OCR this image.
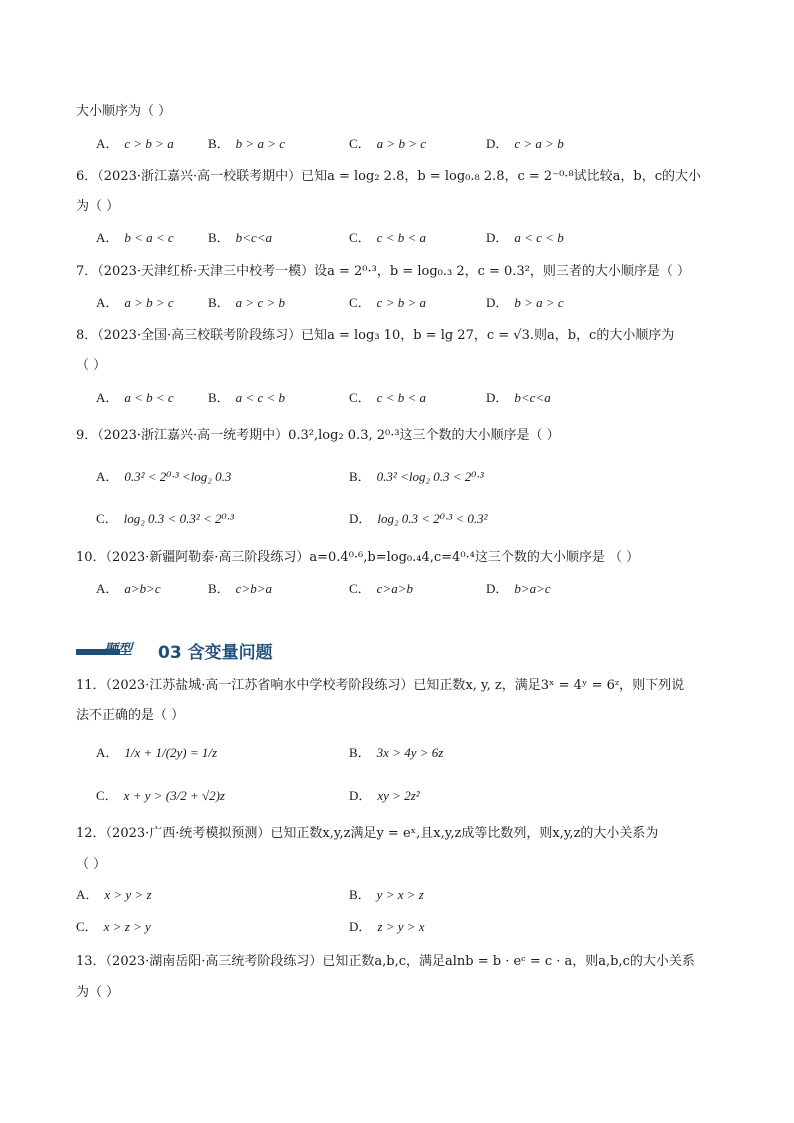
大小顺序为（ ）
A． c > b > a	B． b > a > c	C． a > b > c	D． c > a > b
6．（2023·浙江嘉兴·高一校联考期中）已知a = log₂ 2.8，b = log₀.₈ 2.8，c = 2⁻⁰·⁸试比较a，b，c的大小
为（ ）
A． b < a < c	B． b<c<a	C． c < b < a	D． a < c < b
7．（2023·天津红桥·天津三中校考一模）设a = 2⁰·³，b = log₀.₃ 2，c = 0.3²，则三者的大小顺序是（ ）
A． a > b > c	B． a > c > b	C． c > b > a	D． b > a > c
8．（2023·全国·高三校联考阶段练习）已知a = log₃ 10，b = lg 27，c = √3.则a，b，c的大小顺序为
（ ）
A． a < b < c	B． a < c < b	C． c < b < a	D． b<c<a
9．（2023·浙江嘉兴·高一统考期中）0.3²,log₂ 0.3, 2⁰·³这三个数的大小顺序是（ ）
A． 0.3² < 2⁰·³ <log₂ 0.3	B． 0.3² <log₂ 0.3 < 2⁰·³
C． log₂ 0.3 < 0.3² < 2⁰·³	D． log₂ 0.3 < 2⁰·³ < 0.3²
10．（2023·新疆阿勒泰·高三阶段练习）a=0.4⁰·⁶,b=log₀.₄4,c=4⁰·⁴这三个数的大小顺序是 （ ）
A． a>b>c	B． c>b>a	C． c>a>b	D． b>a>c
题型 03 含变量问题
11．（2023·江苏盐城·高一江苏省响水中学校考阶段练习）已知正数x, y, z，满足3ˣ = 4ʸ = 6ᶻ，则下列说
法不正确的是（ ）
A． 1/x + 1/(2y) = 1/z	B． 3x > 4y > 6z
C． x + y > (3/2 + √2)z	D． xy > 2z²
12．（2023·广西·统考模拟预测）已知正数x,y,z满足y = eˣ,且x,y,z成等比数列，则x,y,z的大小关系为
（ ）
A． x > y > z	B． y > x > z
C． x > z > y	D． z > y > x
13．（2023·湖南岳阳·高三统考阶段练习）已知正数a,b,c，满足alnb = b · eᶜ = c · a，则a,b,c的大小关系
为（ ）
